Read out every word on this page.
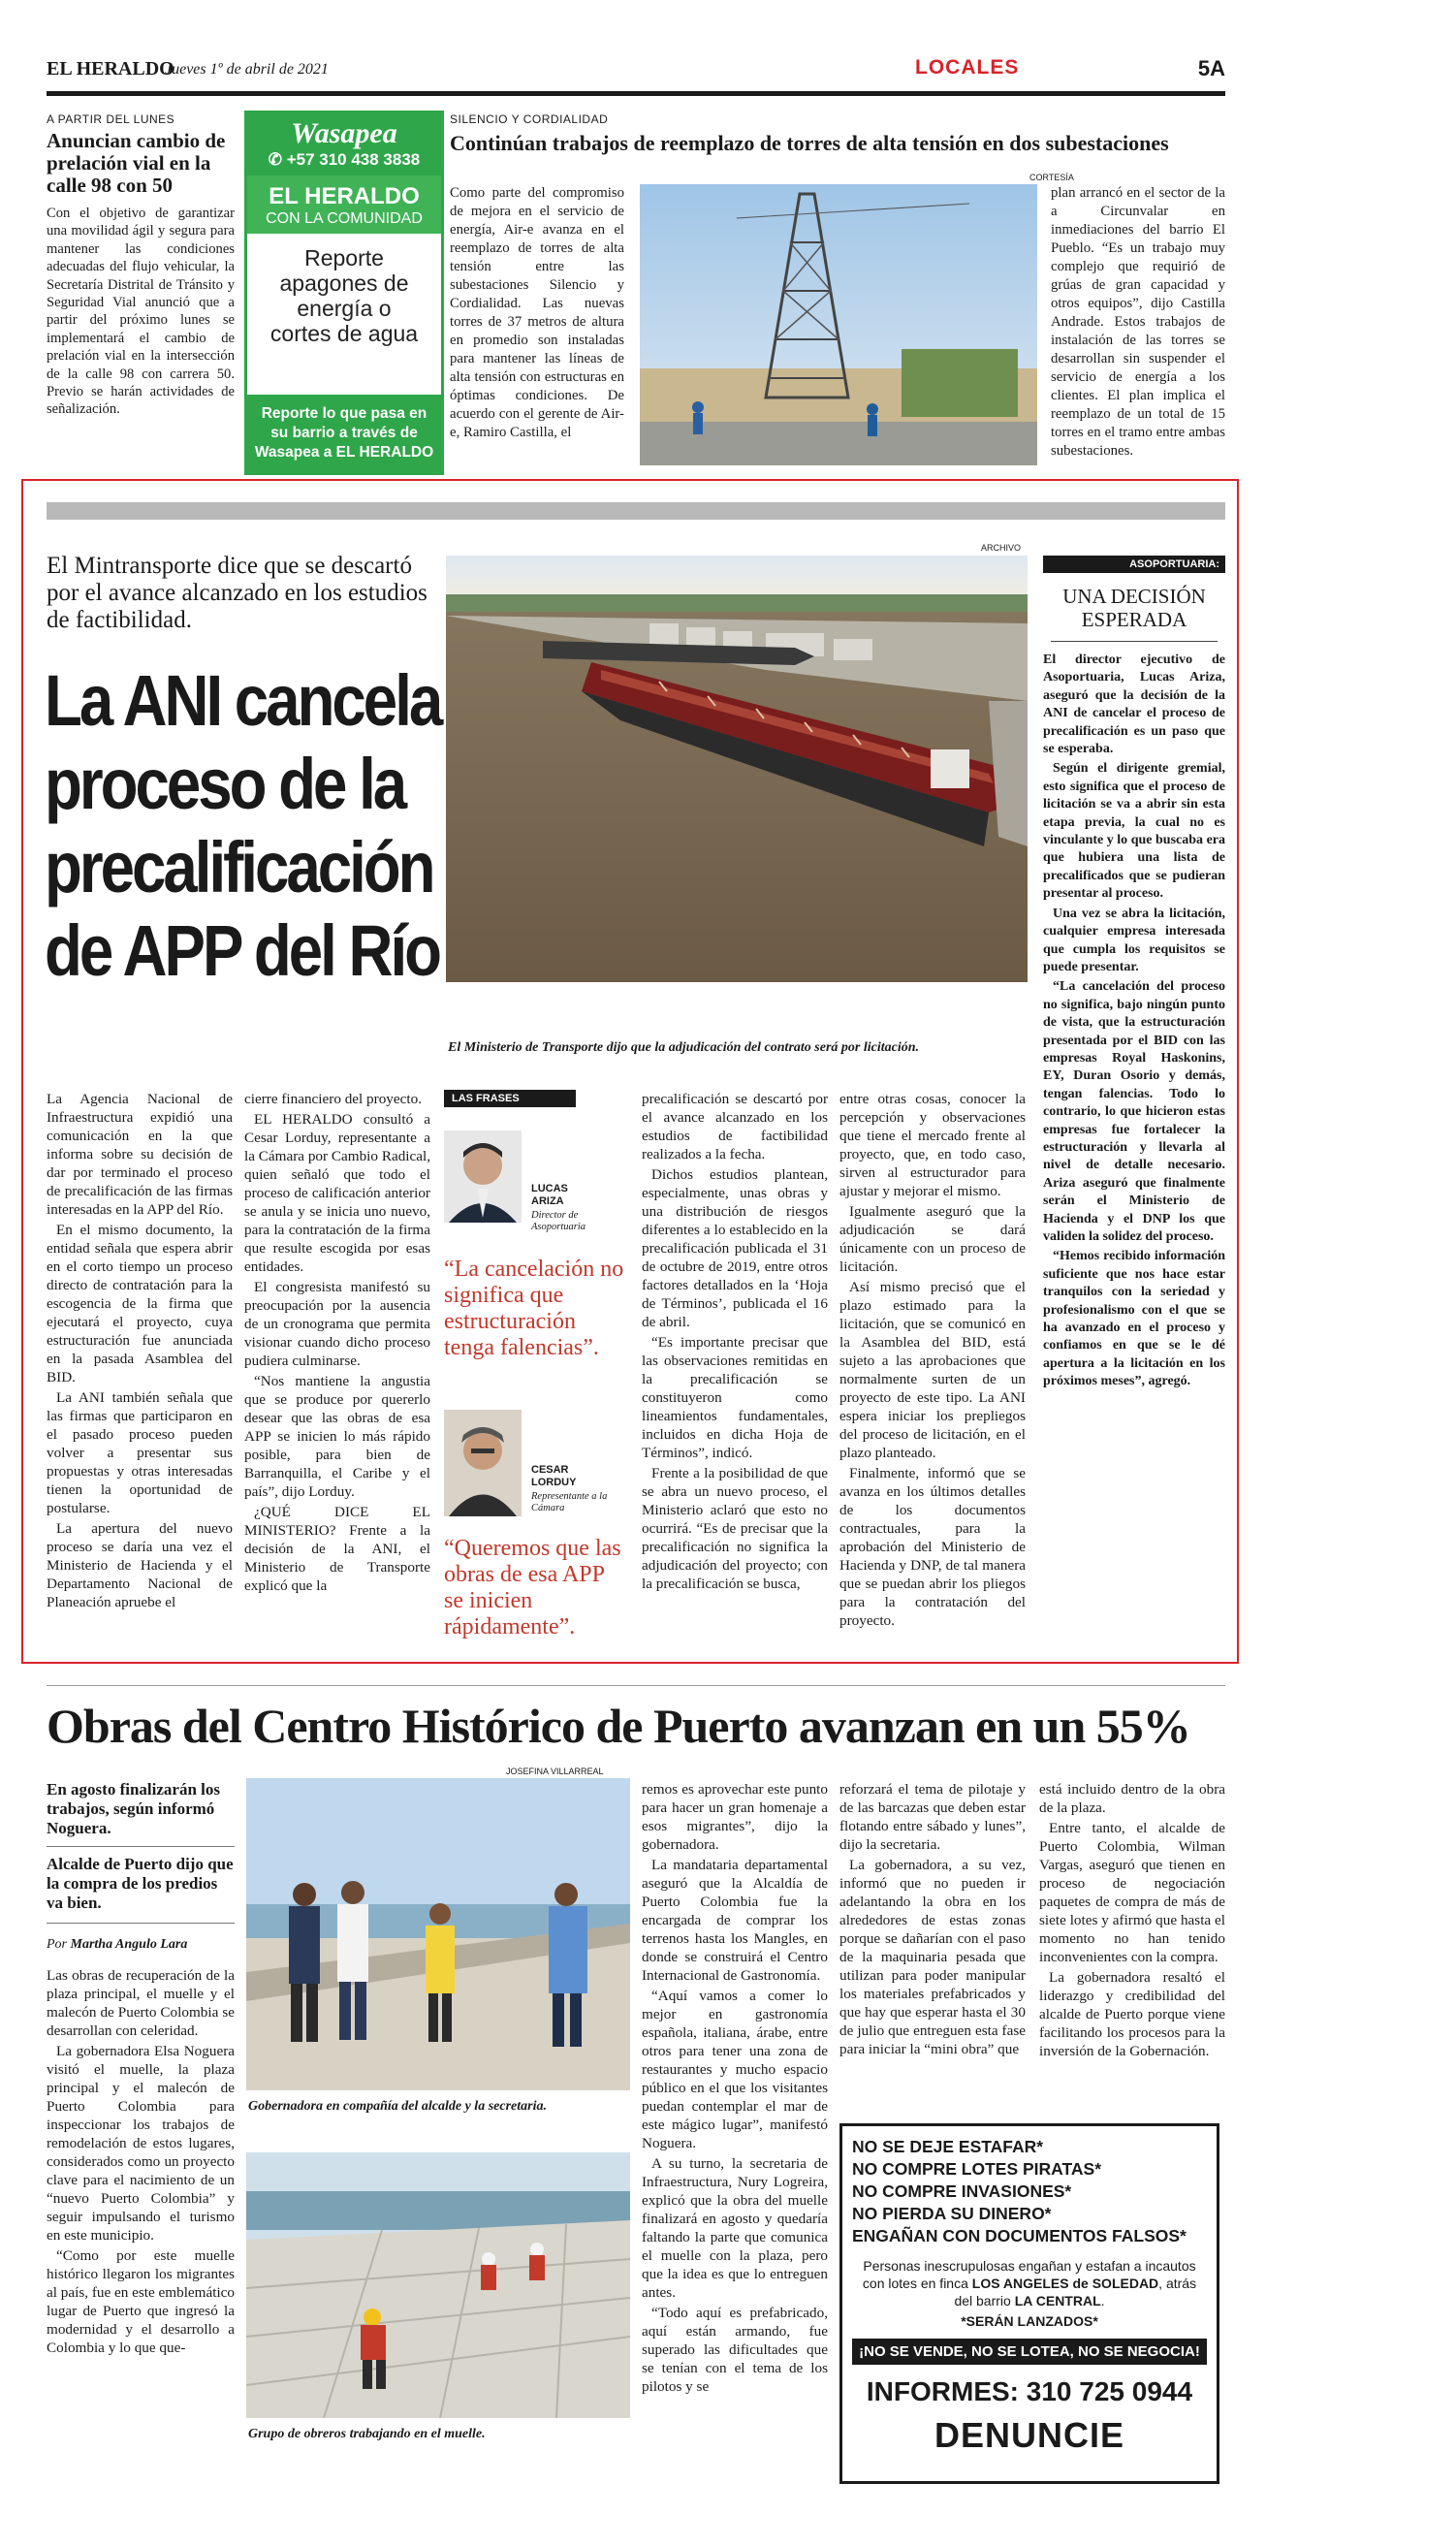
EL HERALDO
Jueves 1º de abril de 2021	LOCALES	5A
A PARTIR DEL LUNES
Anuncian cambio de prelación vial en la calle 98 con 50

Con el objetivo de garantizar una movilidad ágil y segura para mantener las condiciones adecuadas del flujo vehicular, la Secretaría Distrital de Tránsito y Seguridad Vial anunció que a partir del próximo lunes se implementará el cambio de prelación vial en la intersección de la calle 98 con carrera 50. Previo se harán actividades de señalización.

Wasapea
✆ +57 310 438 3838
EL HERALDO
CON LA COMUNIDAD
Reporte apagones de energía o cortes de agua
Reporte lo que pasa en su barrio a través de Wasapea a EL HERALDO
SILENCIO Y CORDIALIDAD
Continúan trabajos de reemplazo de torres de alta tensión en dos subestaciones
CORTESÍA

Como parte del compromiso de mejora en el servicio de energía, Air-e avanza en el reemplazo de torres de alta tensión entre las subestaciones Silencio y Cordialidad. Las nuevas torres de 37 metros de altura en promedio son instaladas para mantener las líneas de alta tensión con estructuras en óptimas condiciones. De acuerdo con el gerente de Air-e, Ramiro Castilla, el

plan arrancó en el sector de la a Circunvalar en inmediaciones del barrio El Pueblo. “Es un trabajo muy complejo que requirió de grúas de gran capacidad y otros equipos”, dijo Castilla Andrade. Estos trabajos de instalación de las torres se desarrollan sin suspender el servicio de energía a los clientes. El plan implica el reemplazo de un total de 15 torres en el tramo entre ambas subestaciones.

El Mintransporte dice que se descartó por el avance alcanzado en los estudios de factibilidad.
La ANI cancela
proceso de la
precalificación
de APP del Río
ARCHIVO
El Ministerio de Transporte dijo que la adjudicación del contrato será por licitación.

La Agencia Nacional de Infraestructura expidió una comunicación en la que informa sobre su decisión de dar por terminado el proceso de precalificación de las firmas interesadas en la APP del Río.

En el mismo documento, la entidad señala que espera abrir en el corto tiempo un proceso directo de contratación para la escogencia de la firma que ejecutará el proyecto, cuya estructuración fue anunciada en la pasada Asamblea del BID.

La ANI también señala que las firmas que participaron en el pasado proceso pueden volver a presentar sus propuestas y otras interesadas tienen la oportunidad de postularse.

La apertura del nuevo proceso se daría una vez el Ministerio de Hacienda y el Departamento Nacional de Planeación apruebe el

cierre financiero del proyecto.

EL HERALDO consultó a Cesar Lorduy, representante a la Cámara por Cambio Radical, quien señaló que todo el proceso de calificación anterior se anula y se inicia uno nuevo, para la contratación de la firma que resulte escogida por esas entidades.

El congresista manifestó su preocupación por la ausencia de un cronograma que permita visionar cuando dicho proceso pudiera culminarse.

“Nos mantiene la angustia que se produce por quererlo desear que las obras de esa APP se inicien lo más rápido posible, para bien de Barranquilla, el Caribe y el país”, dijo Lorduy.

¿QUÉ DICE EL MINISTERIO? Frente a la decisión de la ANI, el Ministerio de Transporte explicó que la

LAS FRASES
LUCAS ARIZA
Director de Asoportuaria
“La cancelación no significa que estructuración tenga falencias”.
CESAR LORDUY
Representante a la Cámara
“Queremos que las obras de esa APP se inicien rápidamente”.

precalificación se descartó por el avance alcanzado en los estudios de factibilidad realizados a la fecha.

Dichos estudios plantean, especialmente, unas obras y una distribución de riesgos diferentes a lo establecido en la precalificación publicada el 31 de octubre de 2019, entre otros factores detallados en la ‘Hoja de Términos’, publicada el 16 de abril.

“Es importante precisar que las observaciones remitidas en la precalificación se constituyeron como lineamientos fundamentales, incluidos en dicha Hoja de Términos”, indicó.

Frente a la posibilidad de que se abra un nuevo proceso, el Ministerio aclaró que esto no ocurrirá. “Es de precisar que la precalificación no significa la adjudicación del proyecto; con la precalificación se busca,

entre otras cosas, conocer la percepción y observaciones que tiene el mercado frente al proyecto, que, en todo caso, sirven al estructurador para ajustar y mejorar el mismo.

Igualmente aseguró que la adjudicación se dará únicamente con un proceso de licitación.

Así mismo precisó que el plazo estimado para la licitación, que se comunicó en la Asamblea del BID, está sujeto a las aprobaciones que normalmente surten de un proyecto de este tipo. La ANI espera iniciar los prepliegos del proceso de licitación, en el plazo planteado.

Finalmente, informó que se avanza en los últimos detalles de los documentos contractuales, para la aprobación del Ministerio de Hacienda y DNP, de tal manera que se puedan abrir los pliegos para la contratación del proyecto.

ASOPORTUARIA:
UNA DECISIÓN ESPERADA

El director ejecutivo de Asoportuaria, Lucas Ariza, aseguró que la decisión de la ANI de cancelar el proceso de precalificación es un paso que se esperaba.

Según el dirigente gremial, esto significa que el proceso de licitación se va a abrir sin esta etapa previa, la cual no es vinculante y lo que buscaba era que hubiera una lista de precalificados que se pudieran presentar al proceso.

Una vez se abra la licitación, cualquier empresa interesada que cumpla los requisitos se puede presentar.

“La cancelación del proceso no significa, bajo ningún punto de vista, que la estructuración presentada por el BID con las empresas Royal Haskonins, EY, Duran Osorio y demás, tengan falencias. Todo lo contrario, lo que hicieron estas empresas fue fortalecer la estructuración y llevarla al nivel de detalle necesario. Ariza aseguró que finalmente serán el Ministerio de Hacienda y el DNP los que validen la solidez del proceso.

“Hemos recibido información suficiente que nos hace estar tranquilos con la seriedad y profesionalismo con el que se ha avanzado en el proceso y confiamos en que se le dé apertura a la licitación en los próximos meses”, agregó.

Obras del Centro Histórico de Puerto avanzan en un 55%
En agosto finalizarán los trabajos, según informó Noguera.
Alcalde de Puerto dijo que la compra de los predios va bien.
Por Martha Angulo Lara

Las obras de recuperación de la plaza principal, el muelle y el malecón de Puerto Colombia se desarrollan con celeridad.

La gobernadora Elsa Noguera visitó el muelle, la plaza principal y el malecón de Puerto Colombia para inspeccionar los trabajos de remodelación de estos lugares, considerados como un proyecto clave para el nacimiento de un “nuevo Puerto Colombia” y seguir impulsando el turismo en este municipio.

“Como por este muelle histórico llegaron los migrantes al país, fue en este emblemático lugar de Puerto que ingresó la modernidad y el desarrollo a Colombia y lo que que-

JOSEFINA VILLARREAL
Gobernadora en compañía del alcalde y la secretaria.
Grupo de obreros trabajando en el muelle.

remos es aprovechar este punto para hacer un gran homenaje a esos migrantes”, dijo la gobernadora.

La mandataria departamental aseguró que la Alcaldía de Puerto Colombia fue la encargada de comprar los terrenos hasta los Mangles, en donde se construirá el Centro Internacional de Gastronomía.

“Aquí vamos a comer lo mejor en gastronomía española, italiana, árabe, entre otros para tener una zona de restaurantes y mucho espacio público en el que los visitantes puedan contemplar el mar de este mágico lugar”, manifestó Noguera.

A su turno, la secretaria de Infraestructura, Nury Logreira, explicó que la obra del muelle finalizará en agosto y quedaría faltando la parte que comunica el muelle con la plaza, pero que la idea es que lo entreguen antes.

“Todo aquí es prefabricado, aquí están armando, fue superado las dificultades que se tenían con el tema de los pilotos y se

reforzará el tema de pilotaje y de las barcazas que deben estar flotando entre sábado y lunes”, dijo la secretaria.

La gobernadora, a su vez, informó que no pueden ir adelantando la obra en los alrededores de estas zonas porque se dañarían con el paso de la maquinaria pesada que utilizan para poder manipular los materiales prefabricados y que hay que esperar hasta el 30 de julio que entreguen esta fase para iniciar la “mini obra” que

está incluido dentro de la obra de la plaza.

Entre tanto, el alcalde de Puerto Colombia, Wilman Vargas, aseguró que tienen en proceso de negociación paquetes de compra de más de siete lotes y afirmó que hasta el momento no han tenido inconvenientes con la compra.

La gobernadora resaltó el liderazgo y credibilidad del alcalde de Puerto porque viene facilitando los procesos para la inversión de la Gobernación.

NO SE DEJE ESTAFAR*
NO COMPRE LOTES PIRATAS*
NO COMPRE INVASIONES*
NO PIERDA SU DINERO*
ENGAÑAN CON DOCUMENTOS FALSOS*
Personas inescrupulosas engañan y estafan a incautos con lotes en finca LOS ANGELES de SOLEDAD, atrás del barrio LA CENTRAL.
*SERÁN LANZADOS*
¡NO SE VENDE, NO SE LOTEA, NO SE NEGOCIA!
INFORMES: 310 725 0944
DENUNCIE
